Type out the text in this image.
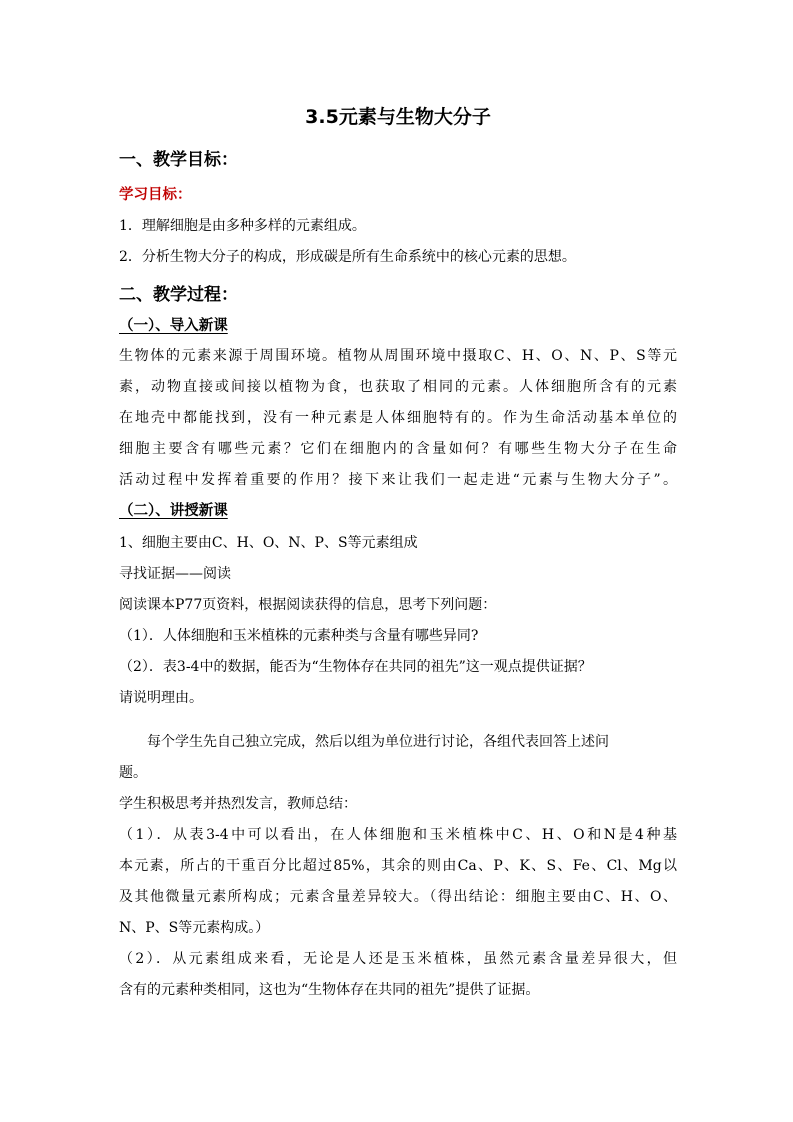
3.5元素与生物大分子
一、教学目标：
学习目标：
1．理解细胞是由多种多样的元素组成。
2．分析生物大分子的构成，形成碳是所有生命系统中的核心元素的思想。
二、教学过程：
（一）、导入新课
生物体的元素来源于周围环境。植物从周围环境中摄取C、H、O、N、P、S等元
素，动物直接或间接以植物为食，也获取了相同的元素。人体细胞所含有的元素
在地壳中都能找到，没有一种元素是人体细胞特有的。作为生命活动基本单位的
细胞主要含有哪些元素？它们在细胞内的含量如何？有哪些生物大分子在生命
活动过程中发挥着重要的作用？接下来让我们一起走进“元素与生物大分子”。
（二）、讲授新课
1、细胞主要由C、H、O、N、P、S等元素组成
寻找证据——阅读
阅读课本P77页资料，根据阅读获得的信息，思考下列问题：
（1）．人体细胞和玉米植株的元素种类与含量有哪些异同?
（2）．表3-4中的数据，能否为“生物体存在共同的祖先”这一观点提供证据？
请说明理由。
　　每个学生先自己独立完成，然后以组为单位进行讨论，各组代表回答上述问
题。
学生积极思考并热烈发言，教师总结：
（1）．从表3-4中可以看出，在人体细胞和玉米植株中C、H、O和N是4种基
本元素，所占的干重百分比超过85%，其余的则由Ca、P、K、S、Fe、Cl、Mg以
及其他微量元素所构成；元素含量差异较大。（得出结论：细胞主要由C、H、O、
N、P、S等元素构成。）
（2）．从元素组成来看，无论是人还是玉米植株，虽然元素含量差异很大，但
含有的元素种类相同，这也为“生物体存在共同的祖先”提供了证据。
